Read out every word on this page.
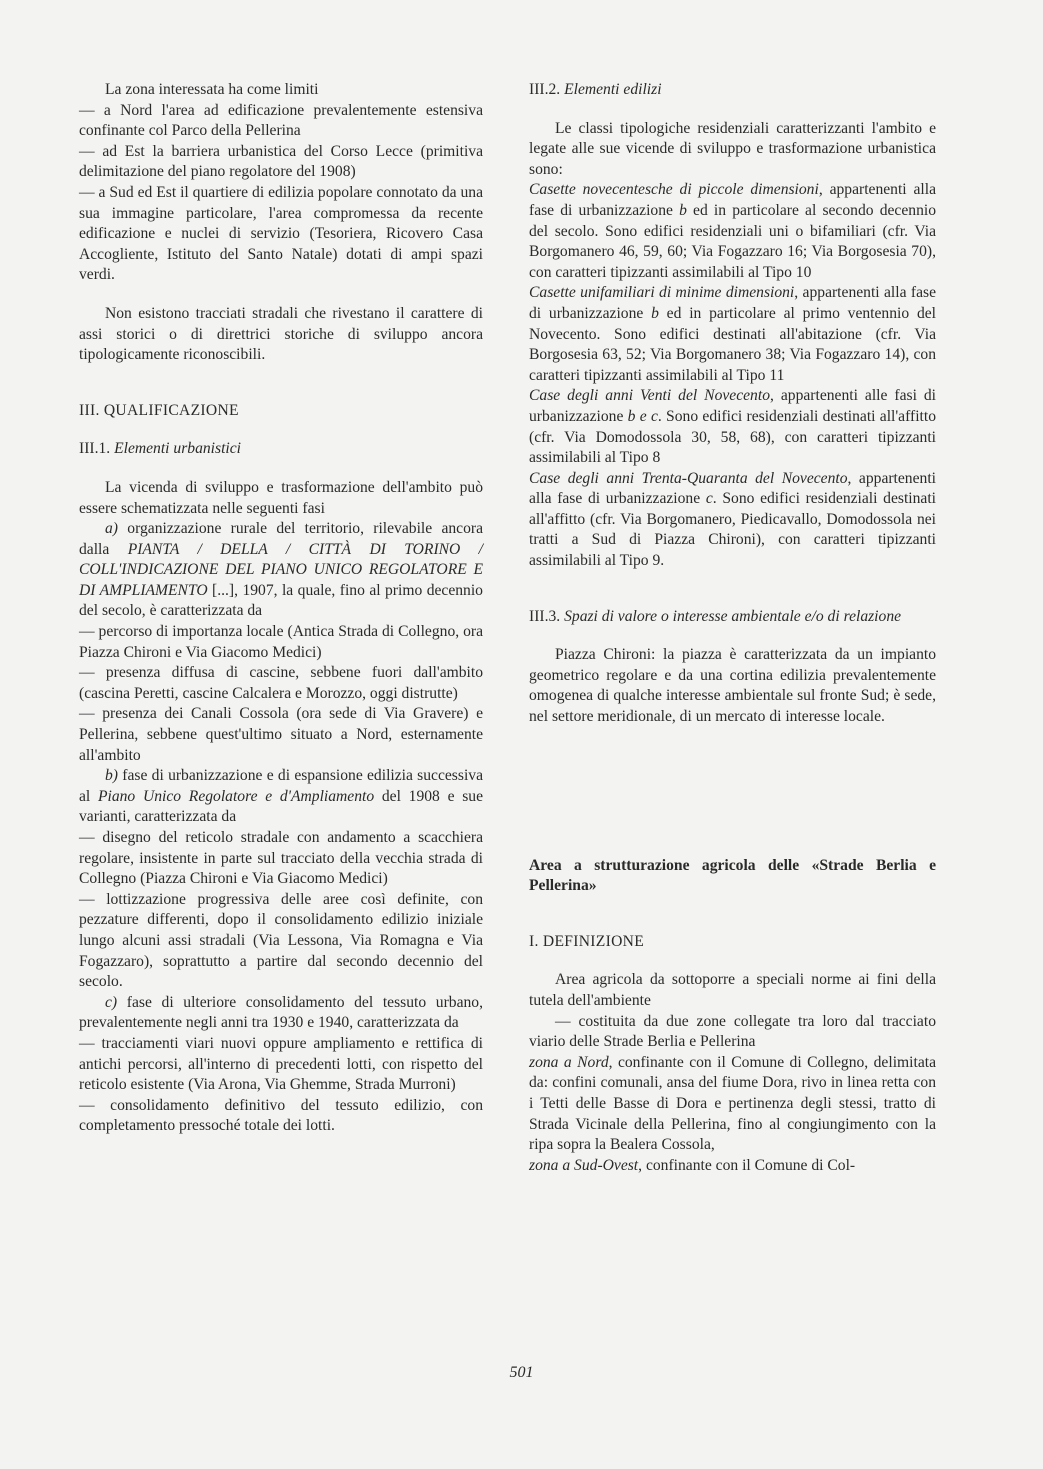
La zona interessata ha come limiti

— a Nord l'area ad edificazione prevalentemente estensiva confinante col Parco della Pellerina

— ad Est la barriera urbanistica del Corso Lecce (primitiva delimitazione del piano regolatore del 1908)

— a Sud ed Est il quartiere di edilizia popolare connotato da una sua immagine particolare, l'area compromessa da recente edificazione e nuclei di servizio (Tesoriera, Ricovero Casa Accogliente, Istituto del Santo Natale) dotati di ampi spazi verdi.

Non esistono tracciati stradali che rivestano il carattere di assi storici o di direttrici storiche di sviluppo ancora tipologicamente riconoscibili.

III. QUALIFICAZIONE

III.1. Elementi urbanistici

La vicenda di sviluppo e trasformazione dell'ambito può essere schematizzata nelle seguenti fasi

a) organizzazione rurale del territorio, rilevabile ancora dalla PIANTA / DELLA / CITTÀ DI TORINO / COLL'INDICAZIONE DEL PIANO UNICO REGOLATORE E DI AMPLIAMENTO [...], 1907, la quale, fino al primo decennio del secolo, è caratterizzata da

— percorso di importanza locale (Antica Strada di Collegno, ora Piazza Chironi e Via Giacomo Medici)

— presenza diffusa di cascine, sebbene fuori dall'ambito (cascina Peretti, cascine Calcalera e Morozzo, oggi distrutte)

— presenza dei Canali Cossola (ora sede di Via Gravere) e Pellerina, sebbene quest'ultimo situato a Nord, esternamente all'ambito

b) fase di urbanizzazione e di espansione edilizia successiva al Piano Unico Regolatore e d'Ampliamento del 1908 e sue varianti, caratterizzata da

— disegno del reticolo stradale con andamento a scacchiera regolare, insistente in parte sul tracciato della vecchia strada di Collegno (Piazza Chironi e Via Giacomo Medici)

— lottizzazione progressiva delle aree così definite, con pezzature differenti, dopo il consolidamento edilizio iniziale lungo alcuni assi stradali (Via Lessona, Via Romagna e Via Fogazzaro), soprattutto a partire dal secondo decennio del secolo.

c) fase di ulteriore consolidamento del tessuto urbano, prevalentemente negli anni tra 1930 e 1940, caratterizzata da

— tracciamenti viari nuovi oppure ampliamento e rettifica di antichi percorsi, all'interno di precedenti lotti, con rispetto del reticolo esistente (Via Arona, Via Ghemme, Strada Murroni)

— consolidamento definitivo del tessuto edilizio, con completamento pressoché totale dei lotti.

III.2. Elementi edilizi

Le classi tipologiche residenziali caratterizzanti l'ambito e legate alle sue vicende di sviluppo e trasformazione urbanistica sono:

Casette novecentesche di piccole dimensioni, appartenenti alla fase di urbanizzazione b ed in particolare al secondo decennio del secolo. Sono edifici residenziali uni o bifamiliari (cfr. Via Borgomanero 46, 59, 60; Via Fogazzaro 16; Via Borgosesia 70), con caratteri tipizzanti assimilabili al Tipo 10

Casette unifamiliari di minime dimensioni, appartenenti alla fase di urbanizzazione b ed in particolare al primo ventennio del Novecento. Sono edifici destinati all'abitazione (cfr. Via Borgosesia 63, 52; Via Borgomanero 38; Via Fogazzaro 14), con caratteri tipizzanti assimilabili al Tipo 11

Case degli anni Venti del Novecento, appartenenti alle fasi di urbanizzazione b e c. Sono edifici residenziali destinati all'affitto (cfr. Via Domodossola 30, 58, 68), con caratteri tipizzanti assimilabili al Tipo 8

Case degli anni Trenta-Quaranta del Novecento, appartenenti alla fase di urbanizzazione c. Sono edifici residenziali destinati all'affitto (cfr. Via Borgomanero, Piedicavallo, Domodossola nei tratti a Sud di Piazza Chironi), con caratteri tipizzanti assimilabili al Tipo 9.

III.3. Spazi di valore o interesse ambientale e/o di relazione

Piazza Chironi: la piazza è caratterizzata da un impianto geometrico regolare e da una cortina edilizia prevalentemente omogenea di qualche interesse ambientale sul fronte Sud; è sede, nel settore meridionale, di un mercato di interesse locale.

Area a strutturazione agricola delle «Strade Berlia e Pellerina»

I. DEFINIZIONE

Area agricola da sottoporre a speciali norme ai fini della tutela dell'ambiente

— costituita da due zone collegate tra loro dal tracciato viario delle Strade Berlia e Pellerina

zona a Nord, confinante con il Comune di Collegno, delimitata da: confini comunali, ansa del fiume Dora, rivo in linea retta con i Tetti delle Basse di Dora e pertinenza degli stessi, tratto di Strada Vicinale della Pellerina, fino al congiungimento con la ripa sopra la Bealera Cossola,

zona a Sud-Ovest, confinante con il Comune di Col-

501
